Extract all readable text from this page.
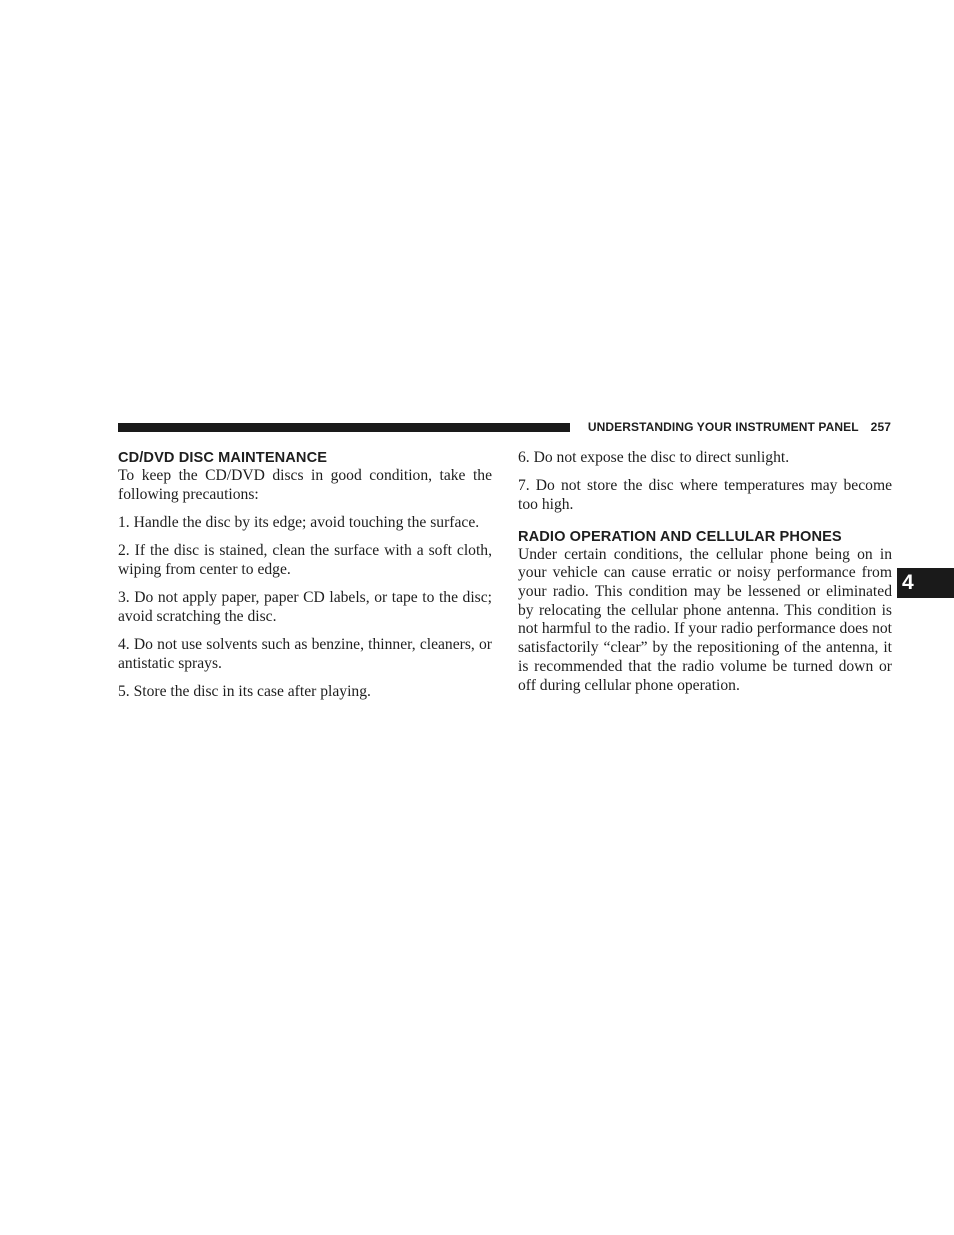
UNDERSTANDING YOUR INSTRUMENT PANEL 257
CD/DVD DISC MAINTENANCE

To keep the CD/DVD discs in good condition, take the following precautions:

1. Handle the disc by its edge; avoid touching the surface.

2. If the disc is stained, clean the surface with a soft cloth, wiping from center to edge.

3. Do not apply paper, paper CD labels, or tape to the disc; avoid scratching the disc.

4. Do not use solvents such as benzine, thinner, cleaners, or antistatic sprays.

5. Store the disc in its case after playing.

6. Do not expose the disc to direct sunlight.

7. Do not store the disc where temperatures may become too high.

RADIO OPERATION AND CELLULAR PHONES

Under certain conditions, the cellular phone being on in your vehicle can cause erratic or noisy performance from your radio. This condition may be lessened or eliminated by relocating the cellular phone antenna. This condition is not harmful to the radio. If your radio performance does not satisfactorily “clear” by the repositioning of the antenna, it is recommended that the radio volume be turned down or off during cellular phone operation.

4
